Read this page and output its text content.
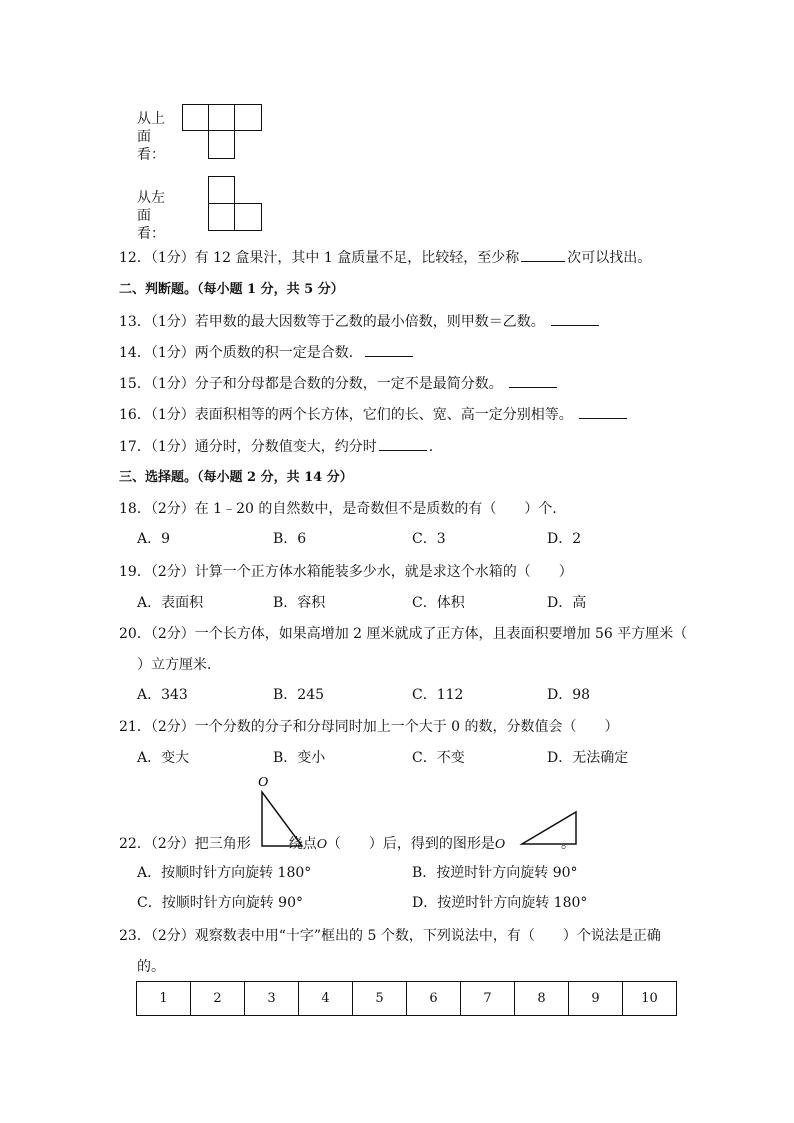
从上面看：
从左面看：
12．（1分）有 12 盒果汁，其中 1 盒质量不足，比较轻，至少称	次可以找出。
二、判断题。（每小题 1 分，共 5 分）
13．（1分）若甲数的最大因数等于乙数的最小倍数，则甲数＝乙数。
14．（1分）两个质数的积一定是合数．
15．（1分）分子和分母都是合数的分数，一定不是最简分数。
16．（1分）表面积相等的两个长方体，它们的长、宽、高一定分别相等。
17．（1分）通分时，分数值变大，约分时	．
三、选择题。（每小题 2 分，共 14 分）
18．（2分）在 1﹣20 的自然数中，是奇数但不是质数的有（　　）个．
A．9	B．6	C．3	D．2
19．（2分）计算一个正方体水箱能装多少水，就是求这个水箱的（　　）
A．表面积	B．容积	C．体积	D．高
20．（2分）一个长方体，如果高增加 2 厘米就成了正方体，且表面积要增加 56 平方厘米（
）立方厘米．
A．343	B．245	C．112	D．98
21．（2分）一个分数的分子和分母同时加上一个大于 0 的数，分数值会（　　）
A．变大	B．变小	C．不变	D．无法确定
O
22．（2分）把三角形	绕点O（　　）后，得到的图形是O	。
A．按顺时针方向旋转 180°	B．按逆时针方向旋转 90°
C．按顺时针方向旋转 90°	D．按逆时针方向旋转 180°
23．（2分）观察数表中用“十字”框出的 5 个数，下列说法中，有（　　）个说法是正确
的。
1	2	3	4	5	6	7	8	9	10
